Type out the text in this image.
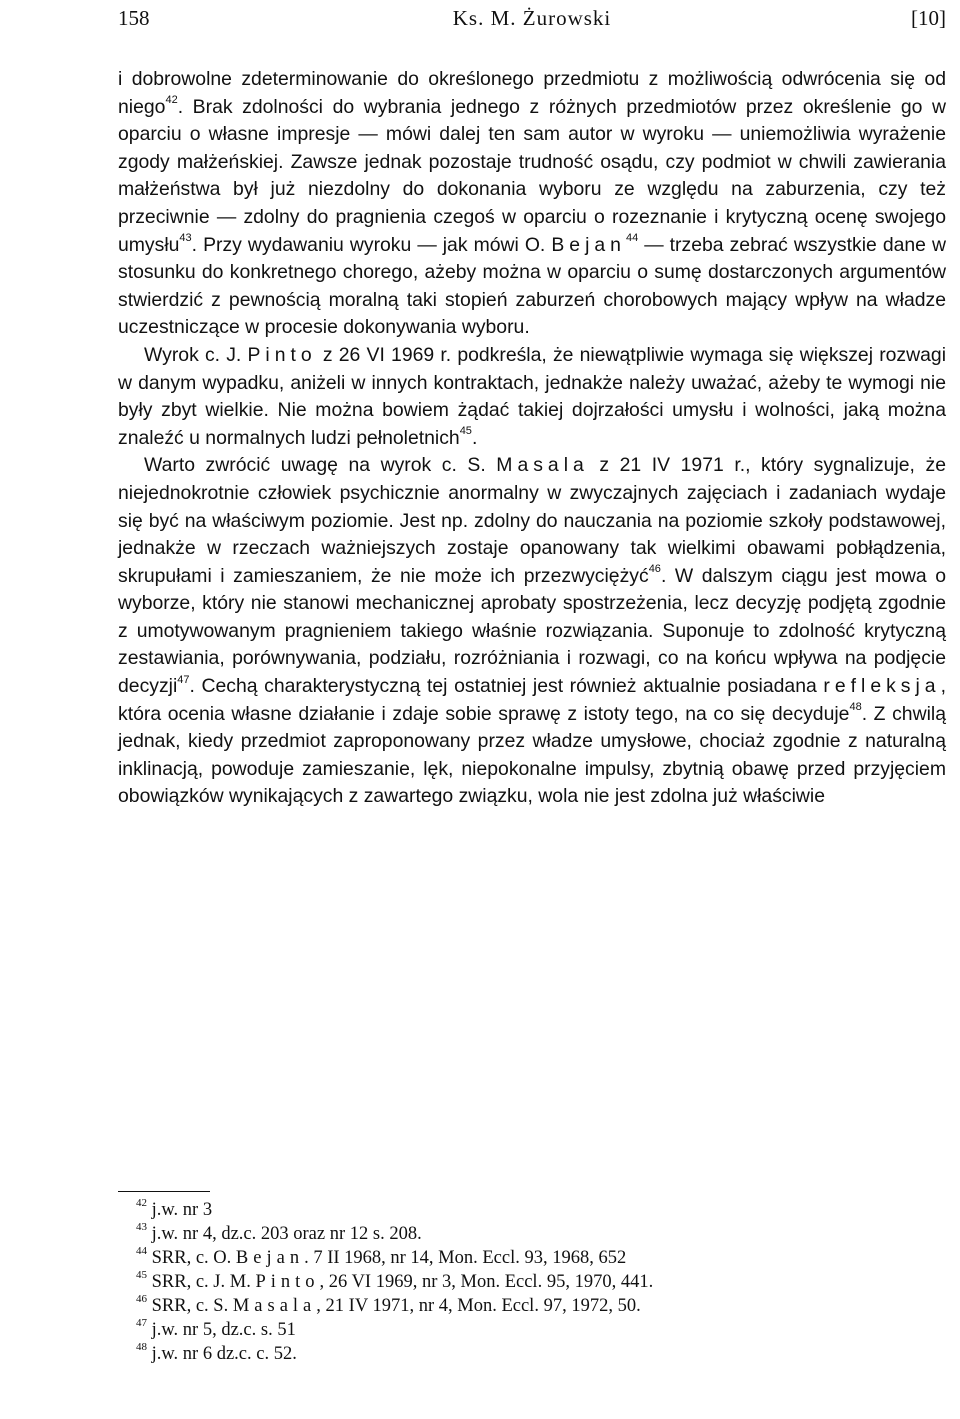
158	Ks. M. Żurowski	[10]

i dobrowolne zdeterminowanie do określonego przedmiotu z możliwością odwrócenia się od niego$^{42}$. Brak zdolności do wybrania jednego z różnych przedmiotów przez określenie go w oparciu o własne impresje — mówi dalej ten sam autor w wyroku — uniemożliwia wyrażenie zgody małżeńskiej. Zawsze jednak pozostaje trudność osądu, czy podmiot w chwili zawierania małżeństwa był już niezdolny do dokonania wyboru ze względu na zaburzenia, czy też przeciwnie — zdolny do pragnienia czegoś w oparciu o rozeznanie i krytyczną ocenę swojego umysłu$^{43}$. Przy wydawaniu wyroku — jak mówi O. Bejan$^{44}$ — trzeba zebrać wszystkie dane w stosunku do konkretnego chorego, ażeby można w oparciu o sumę dostarczonych argumentów stwierdzić z pewnością moralną taki stopień zaburzeń chorobowych mający wpływ na władze uczestniczące w procesie dokonywania wyboru.

Wyrok c. J. Pinto z 26 VI 1969 r. podkreśla, że niewątpliwie wymaga się większej rozwagi w danym wypadku, aniżeli w innych kontraktach, jednakże należy uważać, ażeby te wymogi nie były zbyt wielkie. Nie można bowiem żądać takiej dojrzałości umysłu i wolności, jaką można znaleźć u normalnych ludzi pełnoletnich$^{45}$.

Warto zwrócić uwagę na wyrok c. S. Masala z 21 IV 1971 r., który sygnalizuje, że niejednokrotnie człowiek psychicznie anormalny w zwyczajnych zajęciach i zadaniach wydaje się być na właściwym poziomie. Jest np. zdolny do nauczania na poziomie szkoły podstawowej, jednakże w rzeczach ważniejszych zostaje opanowany tak wielkimi obawami pobłądzenia, skrupułami i zamieszaniem, że nie może ich przezwyciężyć$^{46}$. W dalszym ciągu jest mowa o wyborze, który nie stanowi mechanicznej aprobaty spostrzeżenia, lecz decyzję podjętą zgodnie z umotywowanym pragnieniem takiego właśnie rozwiązania. Suponuje to zdolność krytyczną zestawiania, porównywania, podziału, rozróżniania i rozwagi, co na końcu wpływa na podjęcie decyzji$^{47}$. Cechą charakterystyczną tej ostatniej jest również aktualnie posiadana refleksja, która ocenia własne działanie i zdaje sobie sprawę z istoty tego, na co się decyduje$^{48}$. Z chwilą jednak, kiedy przedmiot zaproponowany przez władze umysłowe, chociaż zgodnie z naturalną inklinacją, powoduje zamieszanie, lęk, niepokonalne impulsy, zbytnią obawę przed przyjęciem obowiązków wynikających z zawartego związku, wola nie jest zdolna już właściwie

$^{42}$ j.w. nr 3
$^{43}$ j.w. nr 4, dz.c. 203 oraz nr 12 s. 208.
$^{44}$ SRR, c. O. Bejan. 7 II 1968, nr 14, Mon. Eccl. 93, 1968, 652
$^{45}$ SRR, c. J. M. Pinto, 26 VI 1969, nr 3, Mon. Eccl. 95, 1970, 441.
$^{46}$ SRR, c. S. Masala, 21 IV 1971, nr 4, Mon. Eccl. 97, 1972, 50.
$^{47}$ j.w. nr 5, dz.c. s. 51
$^{48}$ j.w. nr 6 dz.c. c. 52.
